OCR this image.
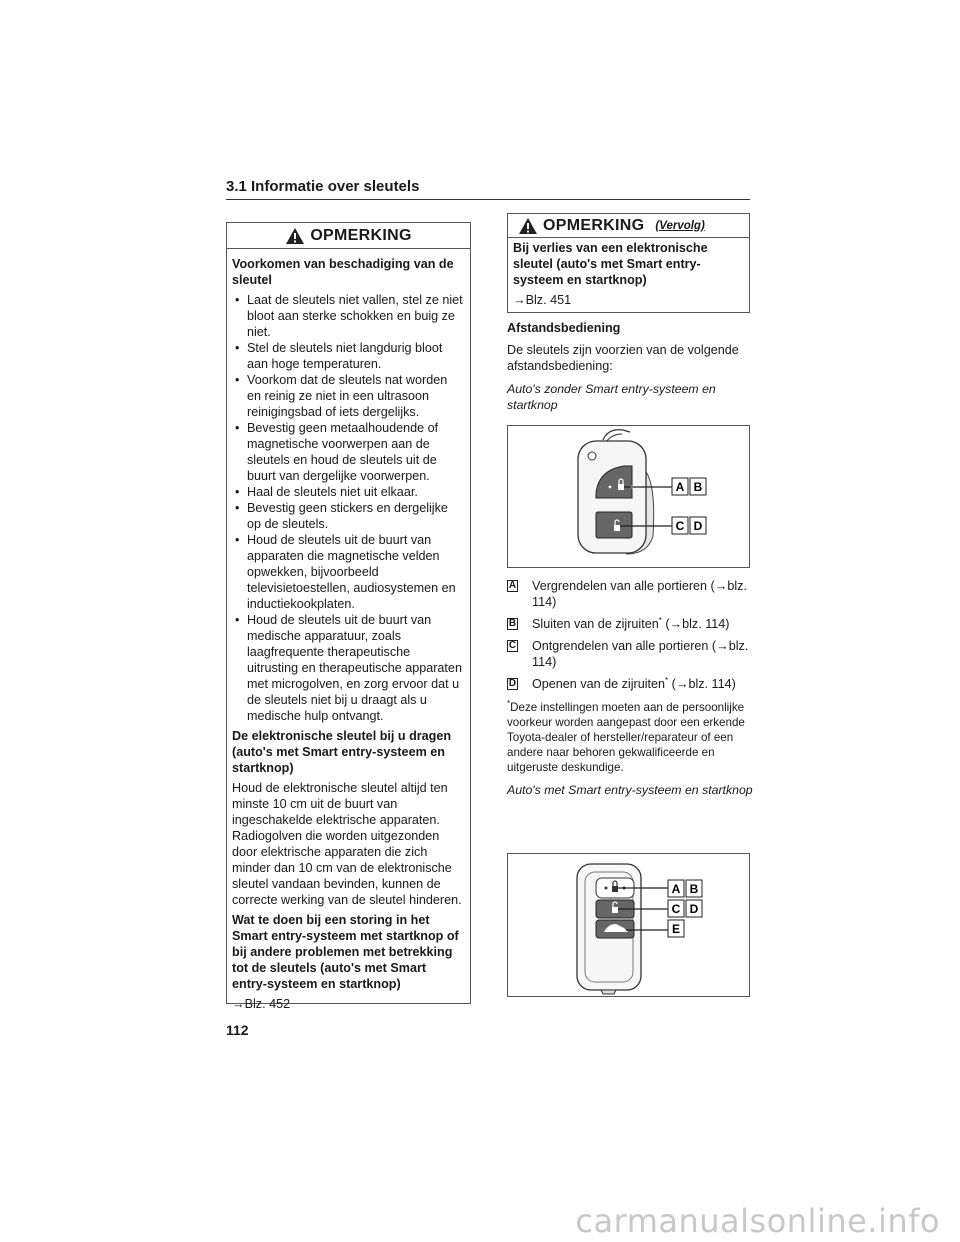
3.1 Informatie over sleutels
OPMERKING
Voorkomen van beschadiging van de sleutel
• Laat de sleutels niet vallen, stel ze niet bloot aan sterke schokken en buig ze niet.
• Stel de sleutels niet langdurig bloot aan hoge temperaturen.
• Voorkom dat de sleutels nat worden en reinig ze niet in een ultrasoon reinigingsbad of iets dergelijks.
• Bevestig geen metaalhoudende of magnetische voorwerpen aan de sleutels en houd de sleutels uit de buurt van dergelijke voorwerpen.
• Haal de sleutels niet uit elkaar.
• Bevestig geen stickers en dergelijke op de sleutels.
• Houd de sleutels uit de buurt van apparaten die magnetische velden opwekken, bijvoorbeeld televisietoestellen, audiosystemen en inductiekookplaten.
• Houd de sleutels uit de buurt van medische apparatuur, zoals laagfrequente therapeutische uitrusting en therapeutische apparaten met microgolven, en zorg ervoor dat u de sleutels niet bij u draagt als u medische hulp ontvangt.
De elektronische sleutel bij u dragen (auto's met Smart entry-systeem en startknop)
Houd de elektronische sleutel altijd ten minste 10 cm uit de buurt van ingeschakelde elektrische apparaten. Radiogolven die worden uitgezonden door elektrische apparaten die zich minder dan 10 cm van de elektronische sleutel vandaan bevinden, kunnen de correcte werking van de sleutel hinderen.
Wat te doen bij een storing in het Smart entry-systeem met startknop of bij andere problemen met betrekking tot de sleutels (auto's met Smart entry-systeem en startknop)
→Blz. 452
OPMERKING (Vervolg)
Bij verlies van een elektronische sleutel (auto's met Smart entry-systeem en startknop)
→Blz. 451
Afstandsbediening
De sleutels zijn voorzien van de volgende afstandsbediening:
Auto's zonder Smart entry-systeem en startknop
A B
C D
A Vergrendelen van alle portieren (→blz. 114)
B Sluiten van de zijruiten* (→blz. 114)
C Ontgrendelen van alle portieren (→blz. 114)
D Openen van de zijruiten* (→blz. 114)
*Deze instellingen moeten aan de persoonlijke voorkeur worden aangepast door een erkende Toyota-dealer of hersteller/reparateur of een andere naar behoren gekwalificeerde en uitgeruste deskundige.
Auto's met Smart entry-systeem en startknop
A B
C D
E
112
carmanualsonline.info
